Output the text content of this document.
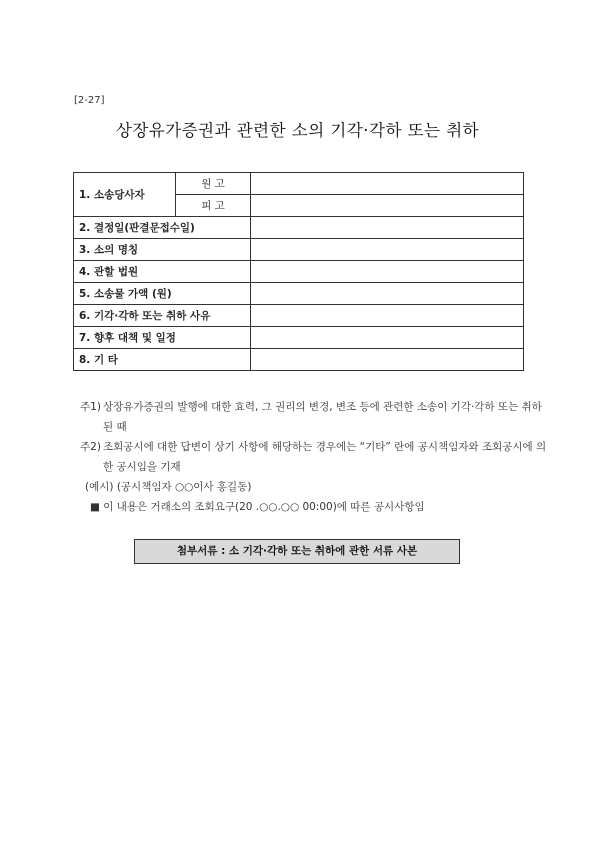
[2-27]
상장유가증권과 관련한 소의 기각·각하 또는 취하
1. 소송당사자	원 고	
	피 고	
2. 결정일(판결문접수일)		
3. 소의 명칭		
4. 관할 법원		
5. 소송물 가액 (원)		
6. 기각·각하 또는 취하 사유		
7. 향후 대책 및 일정		
8. 기 타		
주1) 상장유가증권의 발행에 대한 효력, 그 권리의 변경, 변조 등에 관련한 소송이 기각·각하 또는 취하된 때
주2) 조회공시에 대한 답변이 상기 사항에 해당하는 경우에는 “기타” 란에 공시책임자와 조회공시에 의한 공시임을 기재
(예시) (공시책임자 ○○이사 홍길동)
■ 이 내용은 거래소의 조회요구(20 .○○.○○ 00:00)에 따른 공시사항임
첨부서류 : 소 기각·각하 또는 취하에 관한 서류 사본
